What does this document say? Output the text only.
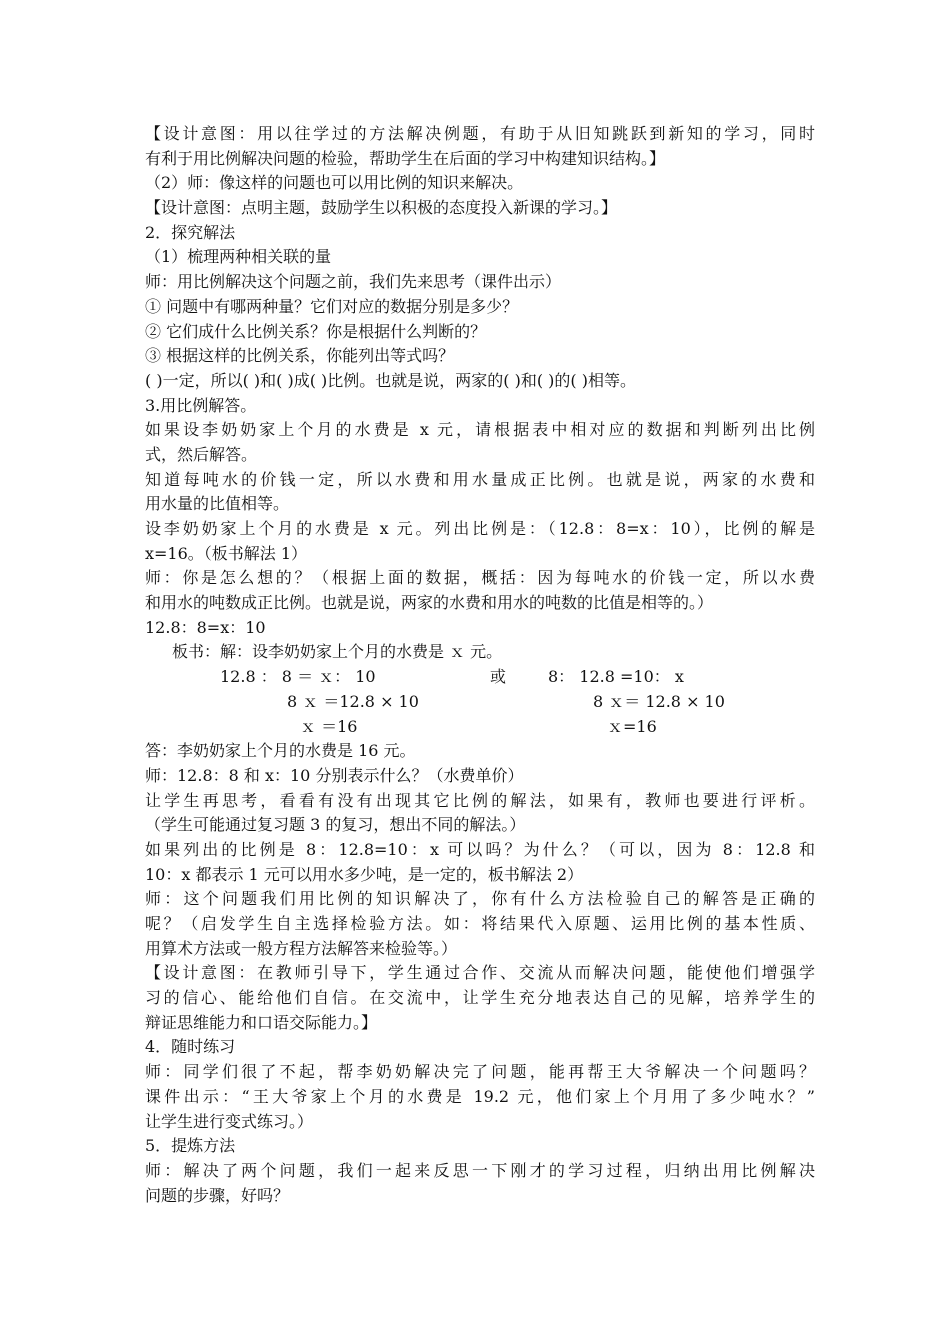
【设计意图：用以往学过的方法解决例题，有助于从旧知跳跃到新知的学习，同时
有利于用比例解决问题的检验，帮助学生在后面的学习中构建知识结构。】
（2）师：像这样的问题也可以用比例的知识来解决。
【设计意图：点明主题，鼓励学生以积极的态度投入新课的学习。】
2．探究解法
（1）梳理两种相关联的量
师：用比例解决这个问题之前，我们先来思考（课件出示）
① 问题中有哪两种量？它们对应的数据分别是多少？
② 它们成什么比例关系？你是根据什么判断的？
③ 根据这样的比例关系，你能列出等式吗？
( )一定，所以( )和( )成( )比例。也就是说，两家的( )和( )的( )相等。
3.用比例解答。
如果设李奶奶家上个月的水费是 x 元，请根据表中相对应的数据和判断列出比例
式，然后解答。
知道每吨水的价钱一定，所以水费和用水量成正比例。也就是说，两家的水费和
用水量的比值相等。
设李奶奶家上个月的水费是 x 元。列出比例是：（12.8：8=x：10），比例的解是
x=16。（板书解法 1）
师：你是怎么想的？（根据上面的数据，概括：因为每吨水的价钱一定，所以水费
和用水的吨数成正比例。也就是说，两家的水费和用水的吨数的比值是相等的。）
12.8：8=x：10
板书：解：设李奶奶家上个月的水费是 ｘ 元。
12.8 ： 8 ＝ ｘ： 10	或	8： 12.8 =10： x
8 ｘ ＝12.8 × 10	8 ｘ＝ 12.8 × 10
ｘ ＝16	ｘ=16
答：李奶奶家上个月的水费是 16 元。
师：12.8：8 和 x：10 分别表示什么？（水费单价）
让学生再思考，看看有没有出现其它比例的解法，如果有，教师也要进行评析。
（学生可能通过复习题 3 的复习，想出不同的解法。）
如果列出的比例是 8：12.8=10：x 可以吗？为什么？（可以，因为 8：12.8 和
10：x 都表示 1 元可以用水多少吨，是一定的，板书解法 2）
师：这个问题我们用比例的知识解决了，你有什么方法检验自己的解答是正确的
呢？（启发学生自主选择检验方法。如：将结果代入原题、运用比例的基本性质、
用算术方法或一般方程方法解答来检验等。）
【设计意图：在教师引导下，学生通过合作、交流从而解决问题，能使他们增强学
习的信心、能给他们自信。在交流中，让学生充分地表达自己的见解，培养学生的
辩证思维能力和口语交际能力。】
4．随时练习
师：同学们很了不起，帮李奶奶解决完了问题，能再帮王大爷解决一个问题吗？
课件出示：“王大爷家上个月的水费是 19.2 元，他们家上个月用了多少吨水？”
让学生进行变式练习。）
5．提炼方法
师：解决了两个问题，我们一起来反思一下刚才的学习过程，归纳出用比例解决
问题的步骤，好吗？
